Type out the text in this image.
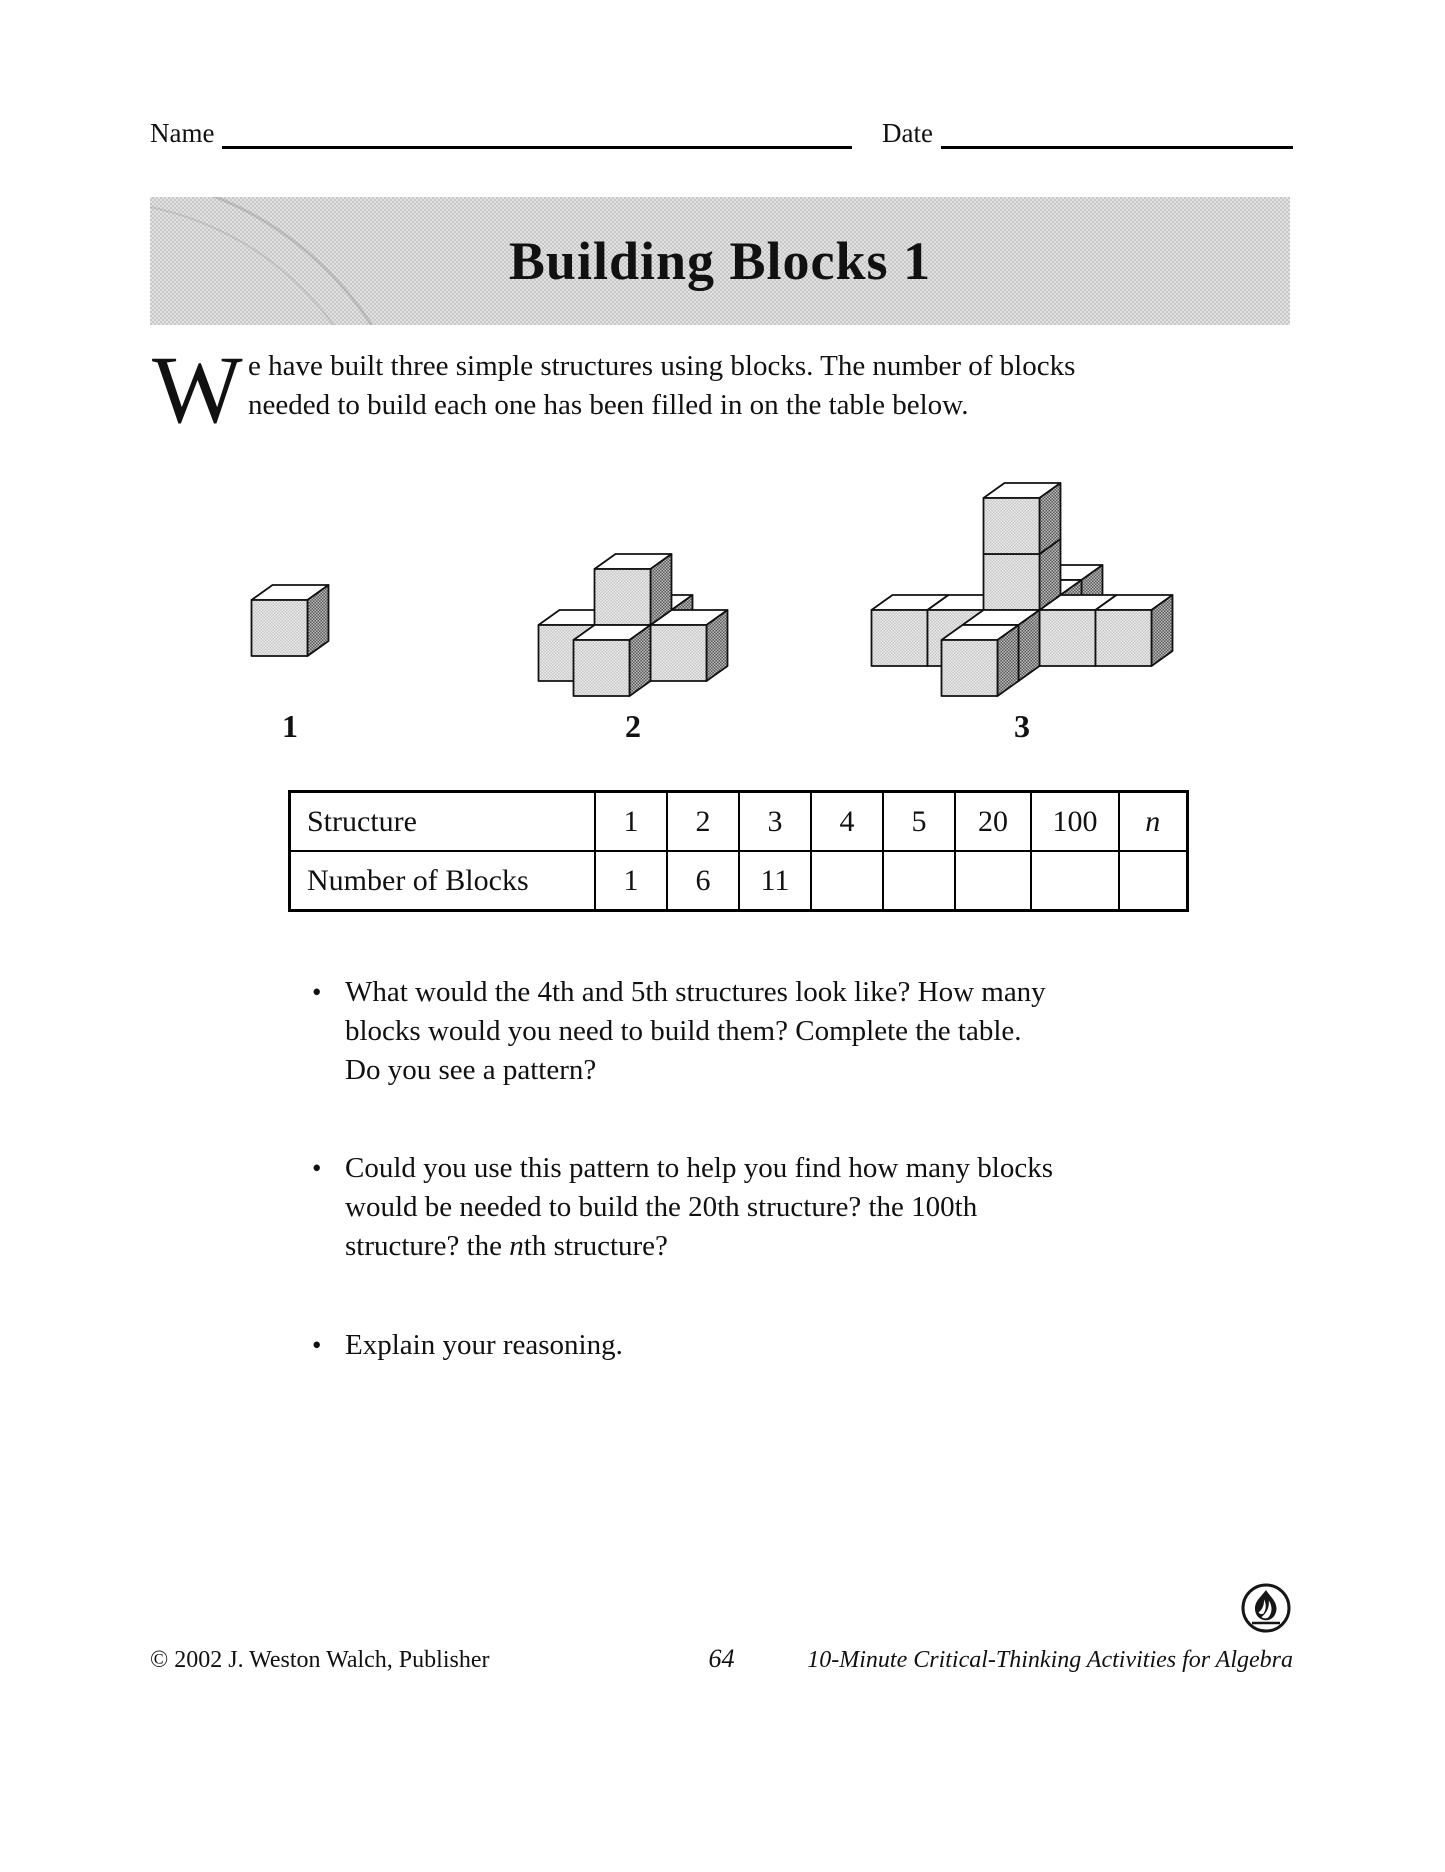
Name	Date
Building Blocks 1
W e have built three simple structures using blocks. The number of blocks
needed to build each one has been filled in on the table below.
1	2	3
Structure	1	2	3	4	5	20	100	n
Number of Blocks	1	6	11					
• What would the 4th and 5th structures look like? How many
blocks would you need to build them? Complete the table.
Do you see a pattern?
• Could you use this pattern to help you find how many blocks
would be needed to build the 20th structure? the 100th
structure? the nth structure?
• Explain your reasoning.
© 2002 J. Weston Walch, Publisher	64	10-Minute Critical-Thinking Activities for Algebra
